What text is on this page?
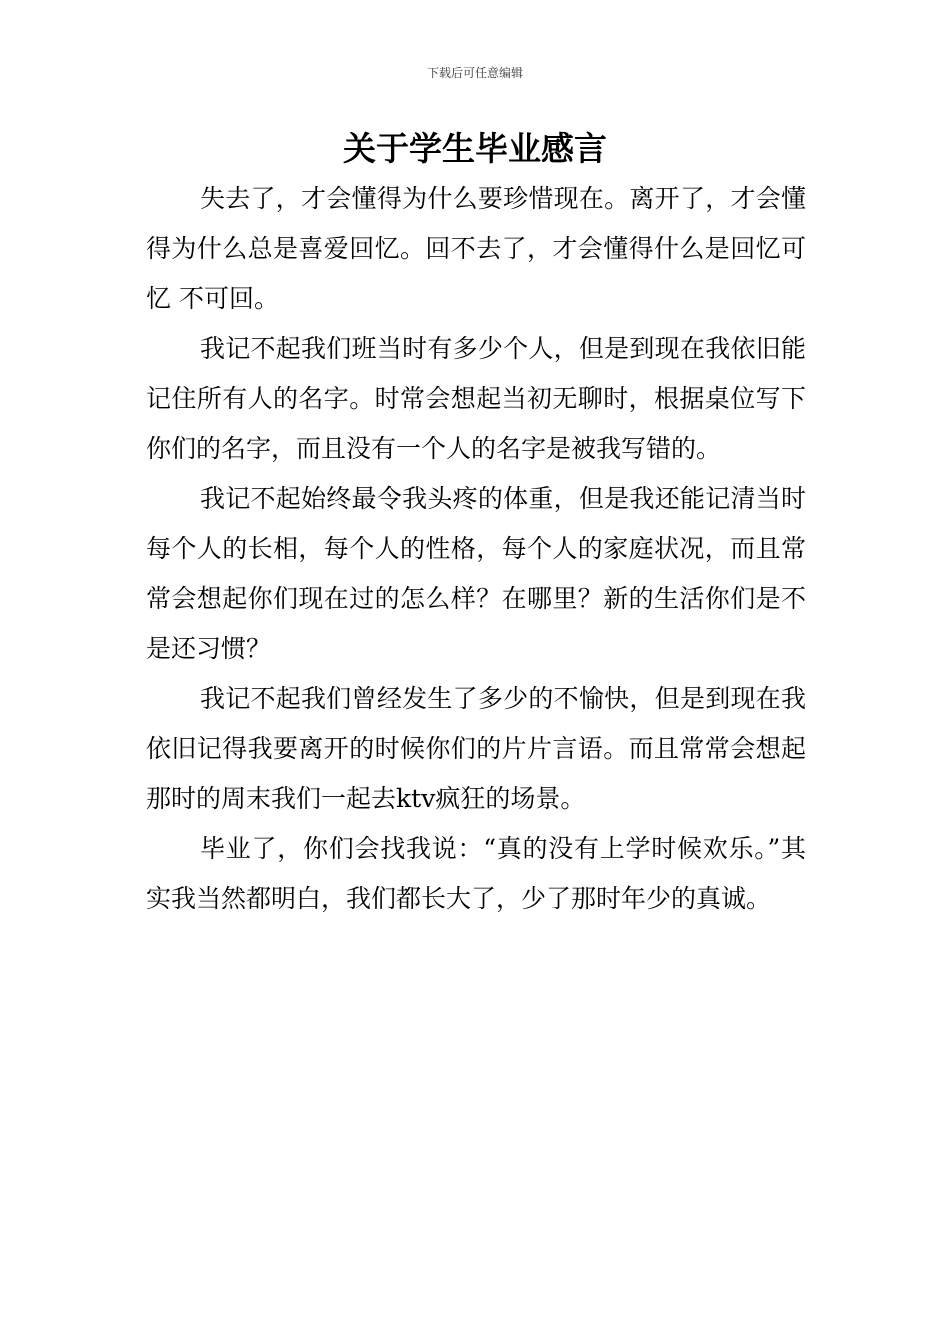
下载后可任意编辑
关于学生毕业感言

失去了，才会懂得为什么要珍惜现在。离开了，才会懂得为什么总是喜爱回忆。回不去了，才会懂得什么是回忆可忆 不可回。

我记不起我们班当时有多少个人，但是到现在我依旧能记住所有人的名字。时常会想起当初无聊时，根据桌位写下你们的名字，而且没有一个人的名字是被我写错的。

我记不起始终最令我头疼的体重，但是我还能记清当时每个人的长相，每个人的性格，每个人的家庭状况，而且常常会想起你们现在过的怎么样？在哪里？新的生活你们是不是还习惯？

我记不起我们曾经发生了多少的不愉快，但是到现在我依旧记得我要离开的时候你们的片片言语。而且常常会想起那时的周末我们一起去ktv疯狂的场景。

毕业了，你们会找我说：“真的没有上学时候欢乐。”其实我当然都明白，我们都长大了，少了那时年少的真诚。
